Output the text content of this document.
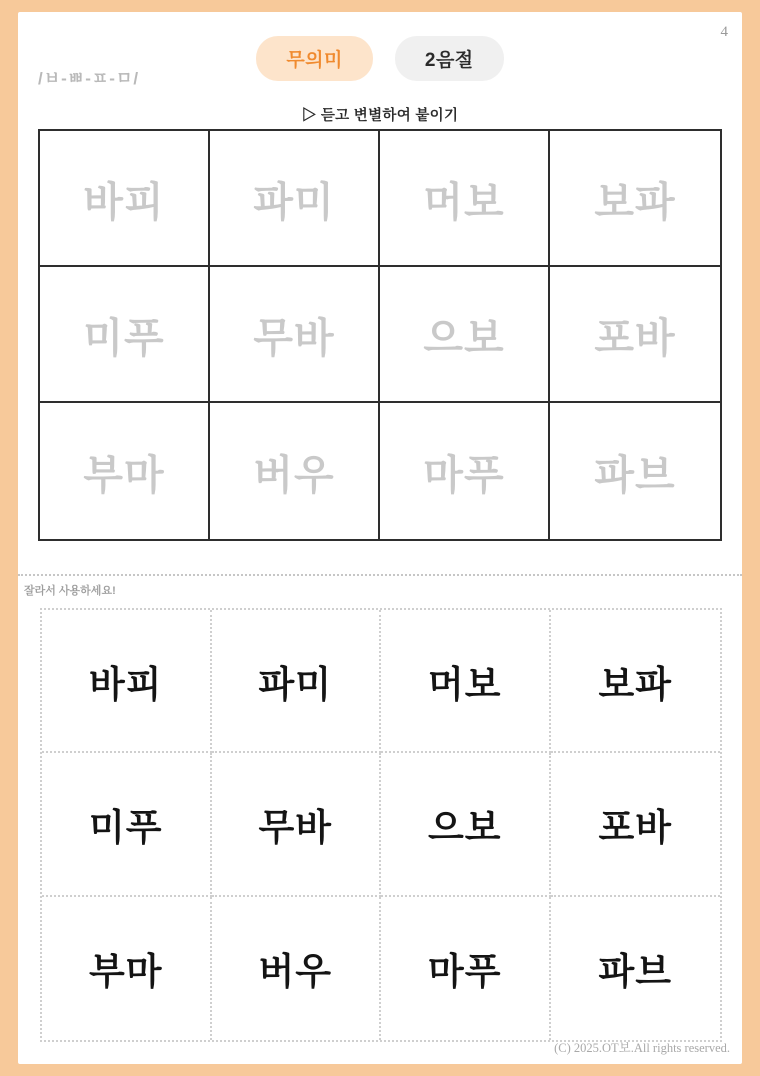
4
/ㅂ-ㅃ-ㅍ-ㅁ/
무의미	2음절
▷ 듣고 변별하여 붙이기
바피	파미	머보	보파
미푸	무바	으보	포바
부마	버우	마푸	파브
잘라서 사용하세요!
바피	파미	머보	보파
미푸	무바	으보	포바
부마	버우	마푸	파브
(C) 2025.OT보.All rights reserved.
